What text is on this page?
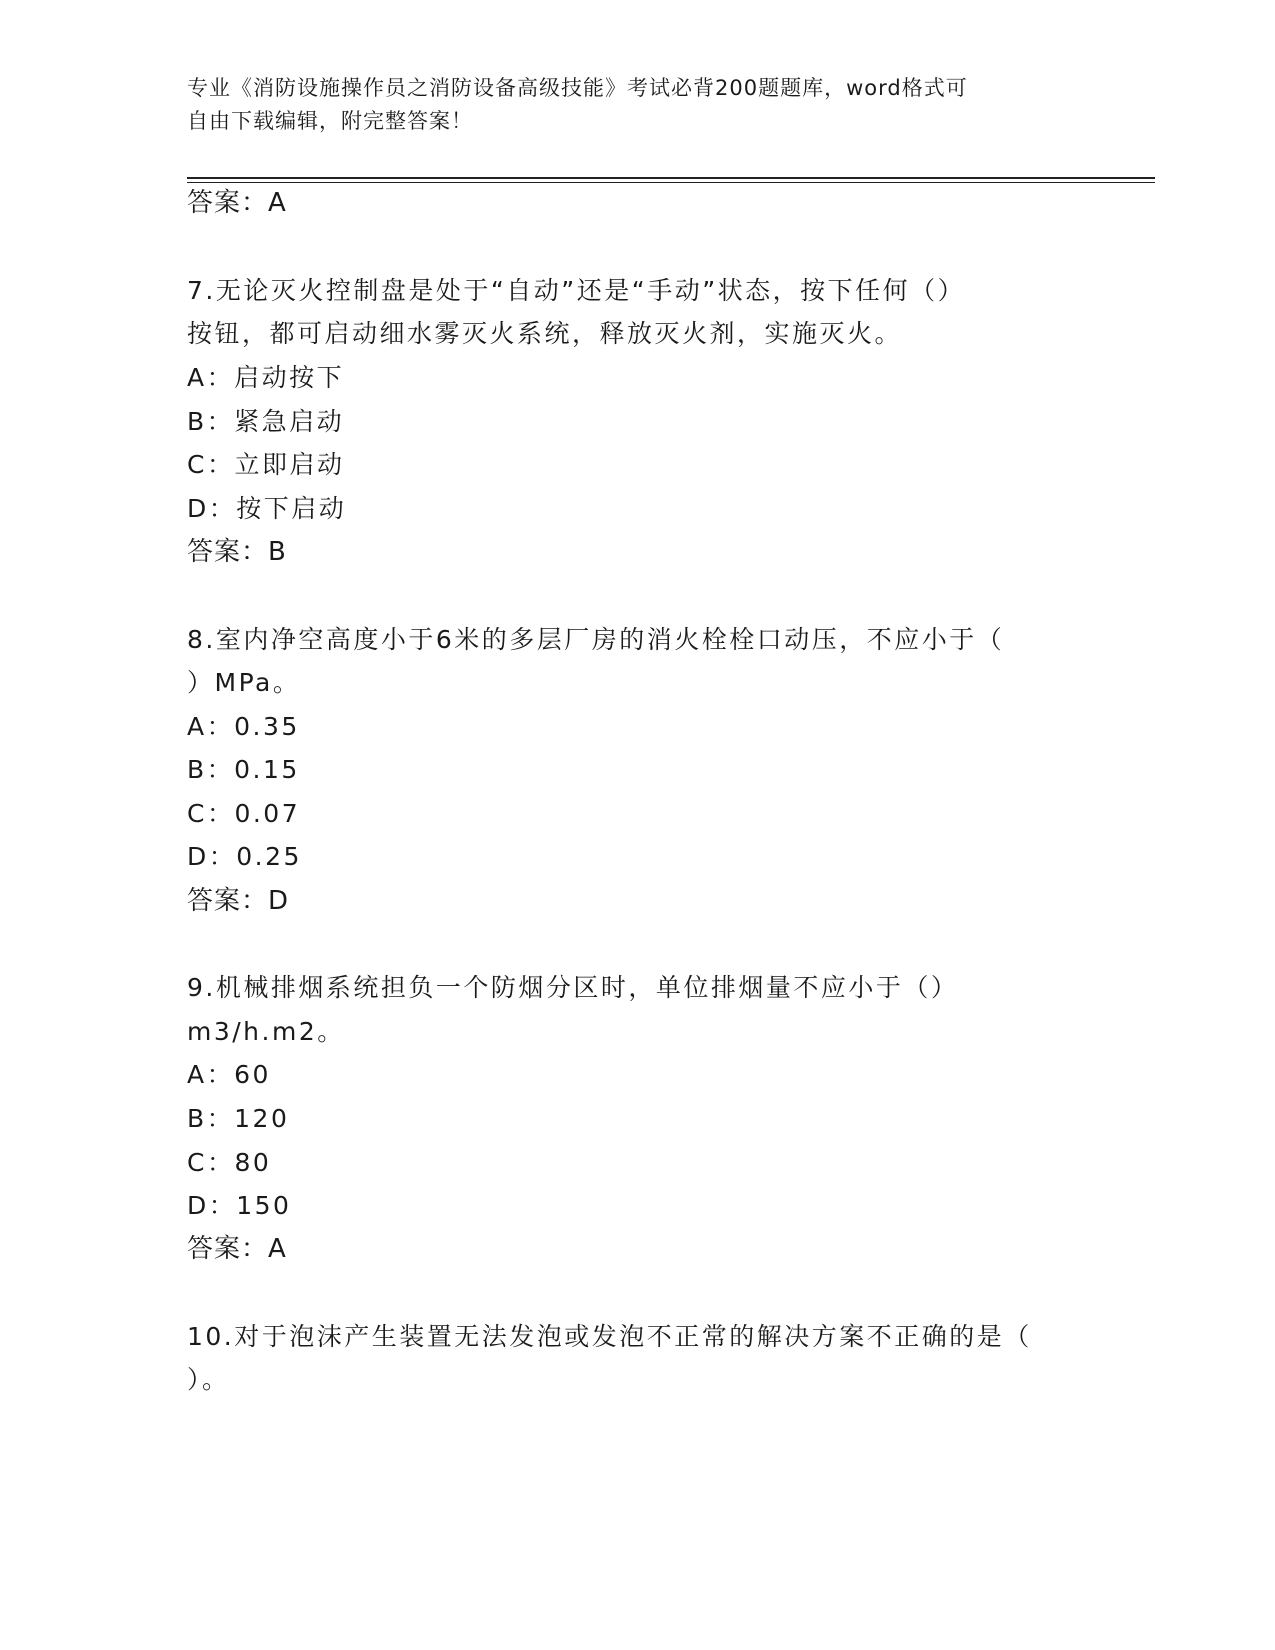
专业《消防设施操作员之消防设备高级技能》考试必背200题题库，word格式可
自由下载编辑，附完整答案！
答案：A
7.无论灭火控制盘是处于“自动”还是“手动”状态，按下任何（）
按钮，都可启动细水雾灭火系统，释放灭火剂，实施灭火。
A：启动按下
B：紧急启动
C：立即启动
D：按下启动
答案：B
8.室内净空高度小于6米的多层厂房的消火栓栓口动压，不应小于（
）MPa。
A：0.35
B：0.15
C：0.07
D：0.25
答案：D
9.机械排烟系统担负一个防烟分区时，单位排烟量不应小于（）
m3/h.m2。
A：60
B：120
C：80
D：150
答案：A
10.对于泡沫产生装置无法发泡或发泡不正常的解决方案不正确的是（
）。
